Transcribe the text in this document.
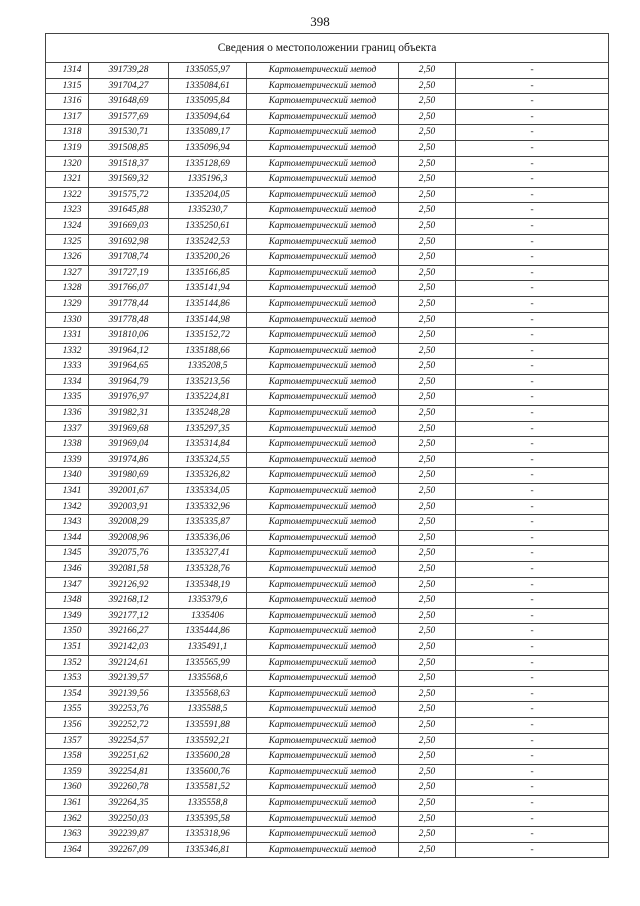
398
Сведения о местоположении границ объекта					
1314	391739,28	1335055,97	Картометрический метод	2,50	-
1315	391704,27	1335084,61	Картометрический метод	2,50	-
1316	391648,69	1335095,84	Картометрический метод	2,50	-
1317	391577,69	1335094,64	Картометрический метод	2,50	-
1318	391530,71	1335089,17	Картометрический метод	2,50	-
1319	391508,85	1335096,94	Картометрический метод	2,50	-
1320	391518,37	1335128,69	Картометрический метод	2,50	-
1321	391569,32	1335196,3	Картометрический метод	2,50	-
1322	391575,72	1335204,05	Картометрический метод	2,50	-
1323	391645,88	1335230,7	Картометрический метод	2,50	-
1324	391669,03	1335250,61	Картометрический метод	2,50	-
1325	391692,98	1335242,53	Картометрический метод	2,50	-
1326	391708,74	1335200,26	Картометрический метод	2,50	-
1327	391727,19	1335166,85	Картометрический метод	2,50	-
1328	391766,07	1335141,94	Картометрический метод	2,50	-
1329	391778,44	1335144,86	Картометрический метод	2,50	-
1330	391778,48	1335144,98	Картометрический метод	2,50	-
1331	391810,06	1335152,72	Картометрический метод	2,50	-
1332	391964,12	1335188,66	Картометрический метод	2,50	-
1333	391964,65	1335208,5	Картометрический метод	2,50	-
1334	391964,79	1335213,56	Картометрический метод	2,50	-
1335	391976,97	1335224,81	Картометрический метод	2,50	-
1336	391982,31	1335248,28	Картометрический метод	2,50	-
1337	391969,68	1335297,35	Картометрический метод	2,50	-
1338	391969,04	1335314,84	Картометрический метод	2,50	-
1339	391974,86	1335324,55	Картометрический метод	2,50	-
1340	391980,69	1335326,82	Картометрический метод	2,50	-
1341	392001,67	1335334,05	Картометрический метод	2,50	-
1342	392003,91	1335332,96	Картометрический метод	2,50	-
1343	392008,29	1335335,87	Картометрический метод	2,50	-
1344	392008,96	1335336,06	Картометрический метод	2,50	-
1345	392075,76	1335327,41	Картометрический метод	2,50	-
1346	392081,58	1335328,76	Картометрический метод	2,50	-
1347	392126,92	1335348,19	Картометрический метод	2,50	-
1348	392168,12	1335379,6	Картометрический метод	2,50	-
1349	392177,12	1335406	Картометрический метод	2,50	-
1350	392166,27	1335444,86	Картометрический метод	2,50	-
1351	392142,03	1335491,1	Картометрический метод	2,50	-
1352	392124,61	1335565,99	Картометрический метод	2,50	-
1353	392139,57	1335568,6	Картометрический метод	2,50	-
1354	392139,56	1335568,63	Картометрический метод	2,50	-
1355	392253,76	1335588,5	Картометрический метод	2,50	-
1356	392252,72	1335591,88	Картометрический метод	2,50	-
1357	392254,57	1335592,21	Картометрический метод	2,50	-
1358	392251,62	1335600,28	Картометрический метод	2,50	-
1359	392254,81	1335600,76	Картометрический метод	2,50	-
1360	392260,78	1335581,52	Картометрический метод	2,50	-
1361	392264,35	1335558,8	Картометрический метод	2,50	-
1362	392250,03	1335395,58	Картометрический метод	2,50	-
1363	392239,87	1335318,96	Картометрический метод	2,50	-
1364	392267,09	1335346,81	Картометрический метод	2,50	-
